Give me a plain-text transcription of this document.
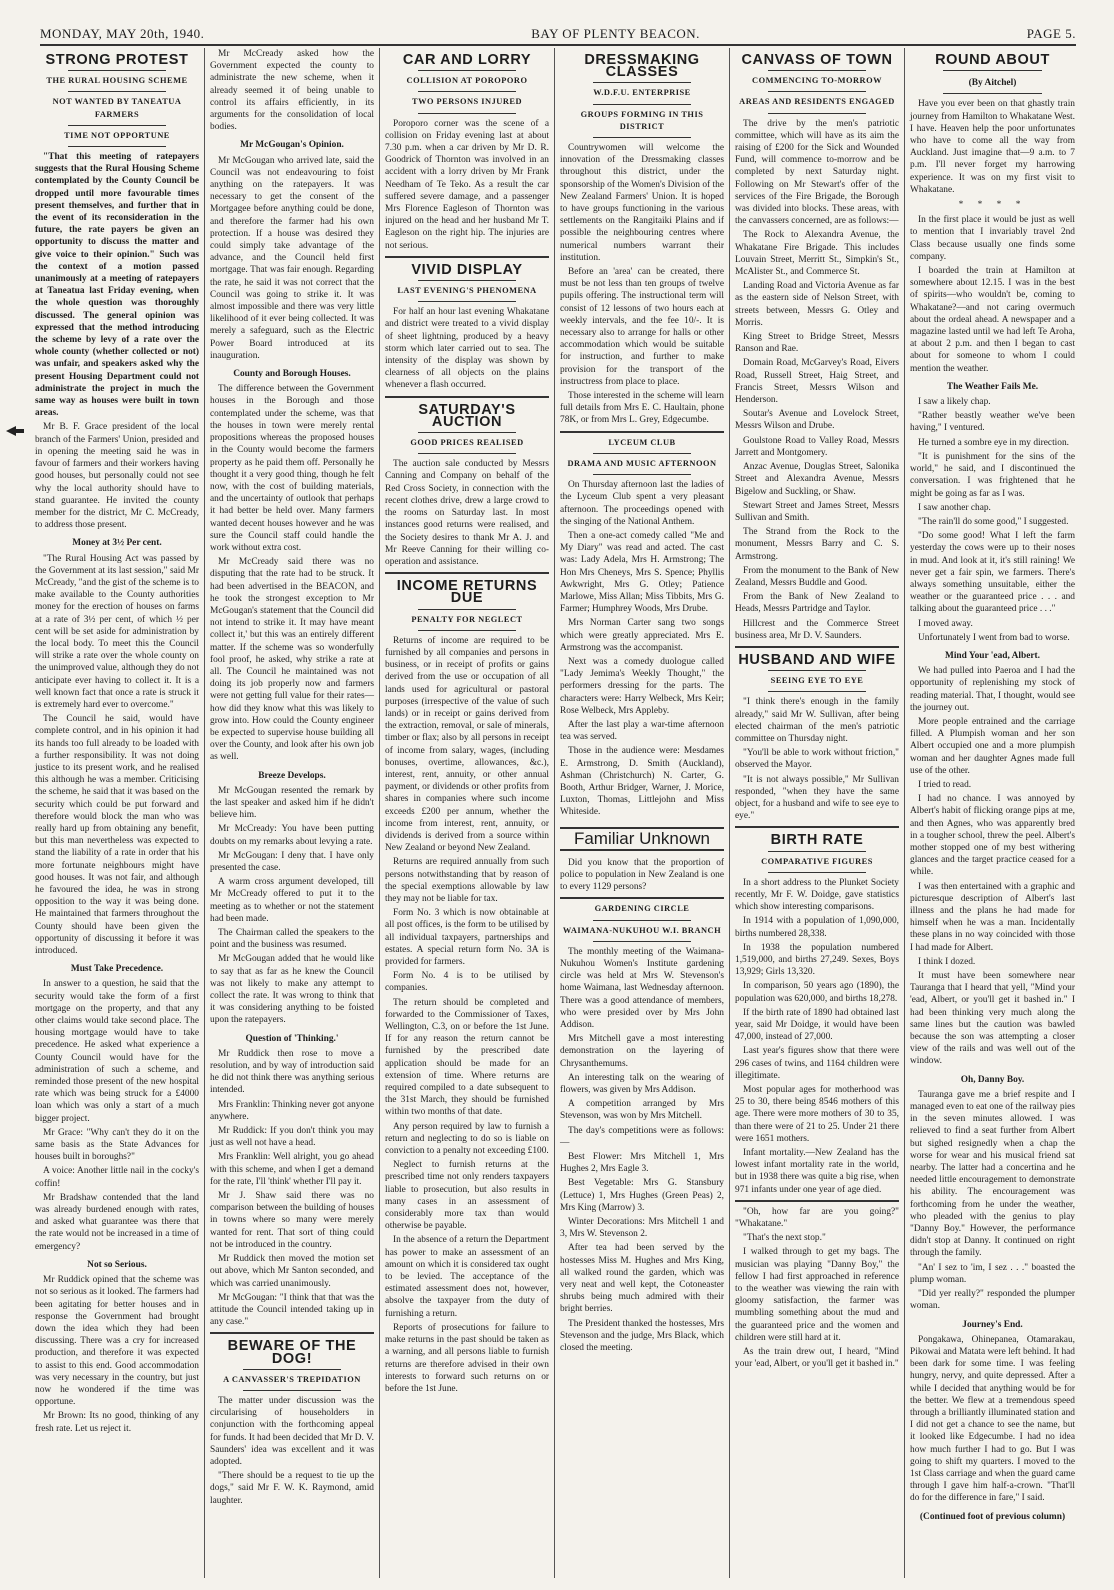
MONDAY, MAY 20th, 1940.	BAY OF PLENTY BEACON.	PAGE 5.
STRONG PROTEST
THE RURAL HOUSING SCHEME
NOT WANTED BY TANEATUA FARMERS
TIME NOT OPPORTUNE

"That this meeting of ratepayers suggests that the Rural Housing Scheme contemplated by the County Council be dropped until more favourable times present themselves, and further that in the event of its reconsideration in the future, the rate payers be given an opportunity to discuss the matter and give voice to their opinion." Such was the context of a motion passed unanimously at a meeting of ratepayers at Taneatua last Friday evening, when the whole question was thoroughly discussed. The general opinion was expressed that the method introducing the scheme by levy of a rate over the whole county (whether collected or not) was unfair, and speakers asked why the present Housing Department could not administrate the project in much the same way as houses were built in town areas.

Mr B. F. Grace president of the local branch of the Farmers' Union, presided and in opening the meeting said he was in favour of farmers and their workers having good houses, but personally could not see why the local authority should have to stand guarantee. He invited the county member for the district, Mr C. McCready, to address those present.

Money at 3½ Per cent.

"The Rural Housing Act was passed by the Government at its last session," said Mr McCready, "and the gist of the scheme is to make available to the County authorities money for the erection of houses on farms at a rate of 3½ per cent, of which ½ per cent will be set aside for administration by the local body. To meet this the Council will strike a rate over the whole county on the unimproved value, although they do not anticipate ever having to collect it. It is a well known fact that once a rate is struck it is extremely hard ever to overcome."

The Council he said, would have complete control, and in his opinion it had its hands too full already to be loaded with a further responsibility. It was not doing justice to its present work, and he realised this although he was a member. Criticising the scheme, he said that it was based on the security which could be put forward and therefore would block the man who was really hard up from obtaining any benefit, but this man nevertheless was expected to stand the liability of a rate in order that his more fortunate neighbours might have good houses. It was not fair, and although he favoured the idea, he was in strong opposition to the way it was being done. He maintained that farmers throughout the County should have been given the opportunity of discussing it before it was introduced.

Must Take Precedence.

In answer to a question, he said that the security would take the form of a first mortgage on the property, and that any other claims would take second place. The housing mortgage would have to take precedence. He asked what experience a County Council would have for the administration of such a scheme, and reminded those present of the new hospital rate which was being struck for a £4000 loan which was only a start of a much bigger project.

Mr Grace: "Why can't they do it on the same basis as the State Advances for houses built in boroughs?"

A voice: Another little nail in the cocky's coffin!

Mr Bradshaw contended that the land was already burdened enough with rates, and asked what guarantee was there that the rate would not be increased in a time of emergency?

Not so Serious.

Mr Ruddick opined that the scheme was not so serious as it looked. The farmers had been agitating for better houses and in response the Government had brought down the idea which they had been discussing. There was a cry for increased production, and therefore it was expected to assist to this end. Good accommodation was very necessary in the country, but just now he wondered if the time was opportune.

Mr Brown: Its no good, thinking of any fresh rate. Let us reject it.

Mr McCready asked how the Government expected the county to administrate the new scheme, when it already seemed it of being unable to control its affairs efficiently, in its arguments for the consolidation of local bodies.

Mr McGougan's Opinion.

Mr McGougan who arrived late, said the Council was not endeavouring to foist anything on the ratepayers. It was necessary to get the consent of the Mortgagee before anything could be done, and therefore the farmer had his own protection. If a house was desired they could simply take advantage of the advance, and the Council held first mortgage. That was fair enough. Regarding the rate, he said it was not correct that the Council was going to strike it. It was almost impossible and there was very little likelihood of it ever being collected. It was merely a safeguard, such as the Electric Power Board introduced at its inauguration.

County and Borough Houses.

The difference between the Government houses in the Borough and those contemplated under the scheme, was that the houses in town were merely rental propositions whereas the proposed houses in the County would become the farmers property as he paid them off. Personally he thought it a very good thing, though he felt now, with the cost of building materials, and the uncertainty of outlook that perhaps it had better be held over. Many farmers wanted decent houses however and he was sure the Council staff could handle the work without extra cost.

Mr McCready said there was no disputing that the rate had to be struck. It had been advertised in the BEACON, and he took the strongest exception to Mr McGougan's statement that the Council did not intend to strike it. It may have meant collect it,' but this was an entirely different matter. If the scheme was so wonderfully fool proof, he asked, why strike a rate at all. The Council he maintained was not doing its job properly now and farmers were not getting full value for their rates—how did they know what this was likely to grow into. How could the County engineer be expected to supervise house building all over the County, and look after his own job as well.

Breeze Develops.

Mr McGougan resented the remark by the last speaker and asked him if he didn't believe him.

Mr McCready: You have been putting doubts on my remarks about levying a rate.

Mr McGougan: I deny that. I have only presented the case.

A warm cross argument developed, till Mr McCready offered to put it to the meeting as to whether or not the statement had been made.

The Chairman called the speakers to the point and the business was resumed.

Mr McGougan added that he would like to say that as far as he knew the Council was not likely to make any attempt to collect the rate. It was wrong to think that it was considering anything to be foisted upon the ratepayers.

Question of 'Thinking.'

Mr Ruddick then rose to move a resolution, and by way of introduction said he did not think there was anything serious intended.

Mrs Franklin: Thinking never got anyone anywhere.

Mr Ruddick: If you don't think you may just as well not have a head.

Mrs Franklin: Well alright, you go ahead with this scheme, and when I get a demand for the rate, I'll 'think' whether I'll pay it.

Mr J. Shaw said there was no comparison between the building of houses in towns where so many were merely wanted for rent. That sort of thing could not be introduced in the country.

Mr Ruddick then moved the motion set out above, which Mr Santon seconded, and which was carried unanimously.

Mr McGougan: "I think that that was the attitude the Council intended taking up in any case."

BEWARE OF THE DOG!
A CANVASSER'S TREPIDATION

The matter under discussion was the circularising of householders in conjunction with the forthcoming appeal for funds. It had been decided that Mr D. V. Saunders' idea was excellent and it was adopted.

"There should be a request to tie up the dogs," said Mr F. W. K. Raymond, amid laughter.

CAR AND LORRY
COLLISION AT POROPORO
TWO PERSONS INJURED

Poroporo corner was the scene of a collision on Friday evening last at about 7.30 p.m. when a car driven by Mr D. R. Goodrick of Thornton was involved in an accident with a lorry driven by Mr Frank Needham of Te Teko. As a result the car suffered severe damage, and a passenger Mrs Florence Eagleson of Thornton was injured on the head and her husband Mr T. Eagleson on the right hip. The injuries are not serious.

VIVID DISPLAY
LAST EVENING'S PHENOMENA

For half an hour last evening Whakatane and district were treated to a vivid display of sheet lightning, produced by a heavy storm which later carried out to sea. The intensity of the display was shown by clearness of all objects on the plains whenever a flash occurred.

SATURDAY'S AUCTION
GOOD PRICES REALISED

The auction sale conducted by Messrs Canning and Company on behalf of the Red Cross Society, in connection with the recent clothes drive, drew a large crowd to the rooms on Saturday last. In most instances good returns were realised, and the Society desires to thank Mr A. J. and Mr Reeve Canning for their willing co-operation and assistance.

INCOME RETURNS DUE
PENALTY FOR NEGLECT

Returns of income are required to be furnished by all companies and persons in business, or in receipt of profits or gains derived from the use or occupation of all lands used for agricultural or pastoral purposes (irrespective of the value of such lands) or in receipt or gains derived from the extraction, removal, or sale of minerals, timber or flax; also by all persons in receipt of income from salary, wages, (including bonuses, overtime, allowances, &c.), interest, rent, annuity, or other annual payment, or dividends or other profits from shares in companies where such income exceeds £200 per annum, whether the income from interest, rent, annuity, or dividends is derived from a source within New Zealand or beyond New Zealand.

Returns are required annually from such persons notwithstanding that by reason of the special exemptions allowable by law they may not be liable for tax.

Form No. 3 which is now obtainable at all post offices, is the form to be utilised by all individual taxpayers, partnerships and estates. A special return form No. 3A is provided for farmers.

Form No. 4 is to be utilised by companies.

The return should be completed and forwarded to the Commissioner of Taxes, Wellington, C.3, on or before the 1st June. If for any reason the return cannot be furnished by the prescribed date application should be made for an extension of time. Where returns are required compiled to a date subsequent to the 31st March, they should be furnished within two months of that date.

Any person required by law to furnish a return and neglecting to do so is liable on conviction to a penalty not exceeding £100.

Neglect to furnish returns at the prescribed time not only renders taxpayers liable to prosecution, but also results in many cases in an assessment of considerably more tax than would otherwise be payable.

In the absence of a return the Department has power to make an assessment of an amount on which it is considered tax ought to be levied. The acceptance of the estimated assessment does not, however, absolve the taxpayer from the duty of furnishing a return.

Reports of prosecutions for failure to make returns in the past should be taken as a warning, and all persons liable to furnish returns are therefore advised in their own interests to forward such returns on or before the 1st June.

DRESSMAKING CLASSES
W.D.F.U. ENTERPRISE
GROUPS FORMING IN THIS DISTRICT

Countrywomen will welcome the innovation of the Dressmaking classes throughout this district, under the sponsorship of the Women's Division of the New Zealand Farmers' Union. It is hoped to have groups functioning in the various settlements on the Rangitaiki Plains and if possible the neighbouring centres where numerical numbers warrant their institution.

Before an 'area' can be created, there must be not less than ten groups of twelve pupils offering. The instructional term will consist of 12 lessons of two hours each at weekly intervals, and the fee 10/-. It is necessary also to arrange for halls or other accommodation which would be suitable for instruction, and further to make provision for the transport of the instructress from place to place.

Those interested in the scheme will learn full details from Mrs E. C. Haultain, phone 78K, or from Mrs L. Grey, Edgecumbe.

LYCEUM CLUB
DRAMA AND MUSIC AFTERNOON

On Thursday afternoon last the ladies of the Lyceum Club spent a very pleasant afternoon. The proceedings opened with the singing of the National Anthem.

Then a one-act comedy called "Me and My Diary" was read and acted. The cast was: Lady Adela, Mrs H. Armstrong; The Hon Mrs Cheneys, Mrs S. Spence; Phyllis Awkwright, Mrs G. Otley; Patience Marlowe, Miss Allan; Miss Tibbits, Mrs G. Farmer; Humphrey Woods, Mrs Drube.

Mrs Norman Carter sang two songs which were greatly appreciated. Mrs E. Armstrong was the accompanist.

Next was a comedy duologue called "Lady Jemima's Weekly Thought," the performers dressing for the parts. The characters were: Harry Welbeck, Mrs Keir; Rose Welbeck, Mrs Appleby.

After the last play a war-time afternoon tea was served.

Those in the audience were: Mesdames E. Armstrong, D. Smith (Auckland), Ashman (Christchurch) N. Carter, G. Booth, Arthur Bridger, Warner, J. Morice, Luxton, Thomas, Littlejohn and Miss Whiteside.

Familiar Unknown

Did you know that the proportion of police to population in New Zealand is one to every 1129 persons?

GARDENING CIRCLE
WAIMANA-NUKUHOU W.I. BRANCH

The monthly meeting of the Waimana-Nukuhou Women's Institute gardening circle was held at Mrs W. Stevenson's home Waimana, last Wednesday afternoon. There was a good attendance of members, who were presided over by Mrs John Addison.

Mrs Mitchell gave a most interesting demonstration on the layering of Chrysanthemums.

An interesting talk on the wearing of flowers, was given by Mrs Addison.

A competition arranged by Mrs Stevenson, was won by Mrs Mitchell.

The day's competitions were as follows:—

Best Flower: Mrs Mitchell 1, Mrs Hughes 2, Mrs Eagle 3.

Best Vegetable: Mrs G. Stansbury (Lettuce) 1, Mrs Hughes (Green Peas) 2, Mrs King (Marrow) 3.

Winter Decorations: Mrs Mitchell 1 and 3, Mrs W. Stevenson 2.

After tea had been served by the hostesses Miss M. Hughes and Mrs King, all walked round the garden, which was very neat and well kept, the Cotoneaster shrubs being much admired with their bright berries.

The President thanked the hostesses, Mrs Stevenson and the judge, Mrs Black, which closed the meeting.

CANVASS OF TOWN
COMMENCING TO-MORROW
AREAS AND RESIDENTS ENGAGED

The drive by the men's patriotic committee, which will have as its aim the raising of £200 for the Sick and Wounded Fund, will commence to-morrow and be completed by next Saturday night. Following on Mr Stewart's offer of the services of the Fire Brigade, the Borough was divided into blocks. These areas, with the canvassers concerned, are as follows:—

The Rock to Alexandra Avenue, the Whakatane Fire Brigade. This includes Louvain Street, Merritt St., Simpkin's St., McAlister St., and Commerce St.

Landing Road and Victoria Avenue as far as the eastern side of Nelson Street, with streets between, Messrs G. Otley and Morris.

King Street to Bridge Street, Messrs Ranson and Rae.

Domain Road, McGarvey's Road, Eivers Road, Russell Street, Haig Street, and Francis Street, Messrs Wilson and Henderson.

Soutar's Avenue and Lovelock Street, Messrs Wilson and Drube.

Goulstone Road to Valley Road, Messrs Jarrett and Montgomery.

Anzac Avenue, Douglas Street, Salonika Street and Alexandra Avenue, Messrs Bigelow and Suckling, or Shaw.

Stewart Street and James Street, Messrs Sullivan and Smith.

The Strand from the Rock to the monument, Messrs Barry and C. S. Armstrong.

From the monument to the Bank of New Zealand, Messrs Buddle and Good.

From the Bank of New Zealand to Heads, Messrs Partridge and Taylor.

Hillcrest and the Commerce Street business area, Mr D. V. Saunders.

HUSBAND AND WIFE
SEEING EYE TO EYE

"I think there's enough in the family already," said Mr W. Sullivan, after being elected chairman of the men's patriotic committee on Thursday night.

"You'll be able to work without friction," observed the Mayor.

"It is not always possible," Mr Sullivan responded, "when they have the same object, for a husband and wife to see eye to eye."

BIRTH RATE
COMPARATIVE FIGURES

In a short address to the Plunket Society recently, Mr F. W. Doidge, gave statistics which show interesting comparisons.

In 1914 with a population of 1,090,000, births numbered 28,338.

In 1938 the population numbered 1,519,000, and births 27,249. Sexes, Boys 13,929; Girls 13,320.

In comparison, 50 years ago (1890), the population was 620,000, and births 18,278.

If the birth rate of 1890 had obtained last year, said Mr Doidge, it would have been 47,000, instead of 27,000.

Last year's figures show that there were 296 cases of twins, and 1164 children were illegitimate.

Most popular ages for motherhood was 25 to 30, there being 8546 mothers of this age. There were more mothers of 30 to 35, than there were of 21 to 25. Under 21 there were 1651 mothers.

Infant mortality.—New Zealand has the lowest infant mortality rate in the world, but in 1938 there was quite a big rise, when 971 infants under one year of age died.

"Oh, how far are you going?" "Whakatane."

"That's the next stop."

I walked through to get my bags. The musician was playing "Danny Boy," the fellow I had first approached in reference to the weather was viewing the rain with gloomy satisfaction, the farmer was mumbling something about the mud and the guaranteed price and the women and children were still hard at it.

As the train drew out, I heard, "Mind your 'ead, Albert, or you'll get it bashed in."

ROUND ABOUT
(By Aitchel)

Have you ever been on that ghastly train journey from Hamilton to Whakatane West. I have. Heaven help the poor unfortunates who have to come all the way from Auckland. Just imagine that—9 a.m. to 7 p.m. I'll never forget my harrowing experience. It was on my first visit to Whakatane.

* * * *

In the first place it would be just as well to mention that I invariably travel 2nd Class because usually one finds some company.

I boarded the train at Hamilton at somewhere about 12.15. I was in the best of spirits—who wouldn't be, coming to Whakatane?—and not caring overmuch about the ordeal ahead. A newspaper and a magazine lasted until we had left Te Aroha, at about 2 p.m. and then I began to cast about for someone to whom I could mention the weather.

The Weather Fails Me.

I saw a likely chap.

"Rather beastly weather we've been having," I ventured.

He turned a sombre eye in my direction.

"It is punishment for the sins of the world," he said, and I discontinued the conversation. I was frightened that he might be going as far as I was.

I saw another chap.

"The rain'll do some good," I suggested.

"Do some good! What I left the farm yesterday the cows were up to their noses in mud. And look at it, it's still raining! We never get a fair spin, we farmers. There's always something unsuitable, either the weather or the guaranteed price . . . and talking about the guaranteed price . . ."

I moved away.

Unfortunately I went from bad to worse.

Mind Your 'ead, Albert.

We had pulled into Paeroa and I had the opportunity of replenishing my stock of reading material. That, I thought, would see the journey out.

More people entrained and the carriage filled. A Plumpish woman and her son Albert occupied one and a more plumpish woman and her daughter Agnes made full use of the other.

I tried to read.

I had no chance. I was annoyed by Albert's habit of flicking orange pips at me, and then Agnes, who was apparently bred in a tougher school, threw the peel. Albert's mother stopped one of my best withering glances and the target practice ceased for a while.

I was then entertained with a graphic and picturesque description of Albert's last illness and the plans he had made for himself when he was a man. Incidentally these plans in no way coincided with those I had made for Albert.

I think I dozed.

It must have been somewhere near Tauranga that I heard that yell, "Mind your 'ead, Albert, or you'll get it bashed in." I had been thinking very much along the same lines but the caution was bawled because the son was attempting a closer view of the rails and was well out of the window.

Oh, Danny Boy.

Tauranga gave me a brief respite and I managed even to eat one of the railway pies in the seven minutes allowed. I was relieved to find a seat further from Albert but sighed resignedly when a chap the worse for wear and his musical friend sat nearby. The latter had a concertina and he needed little encouragement to demonstrate his ability. The encouragement was forthcoming from he under the weather, who pleaded with the genius to play "Danny Boy." However, the performance didn't stop at Danny. It continued on right through the family.

"An' I sez to 'im, I sez . . ." boasted the plump woman.

"Did yer really?" responded the plumper woman.

Journey's End.

Pongakawa, Ohinepanea, Otamarakau, Pikowai and Matata were left behind. It had been dark for some time. I was feeling hungry, nervy, and quite depressed. After a while I decided that anything would be for the better. We flew at a tremendous speed through a brilliantly illuminated station and I did not get a chance to see the name, but it looked like Edgecumbe. I had no idea how much further I had to go. But I was going to shift my quarters. I moved to the 1st Class carriage and when the guard came through I gave him half-a-crown. "That'll do for the difference in fare," I said.

(Continued foot of previous column)
